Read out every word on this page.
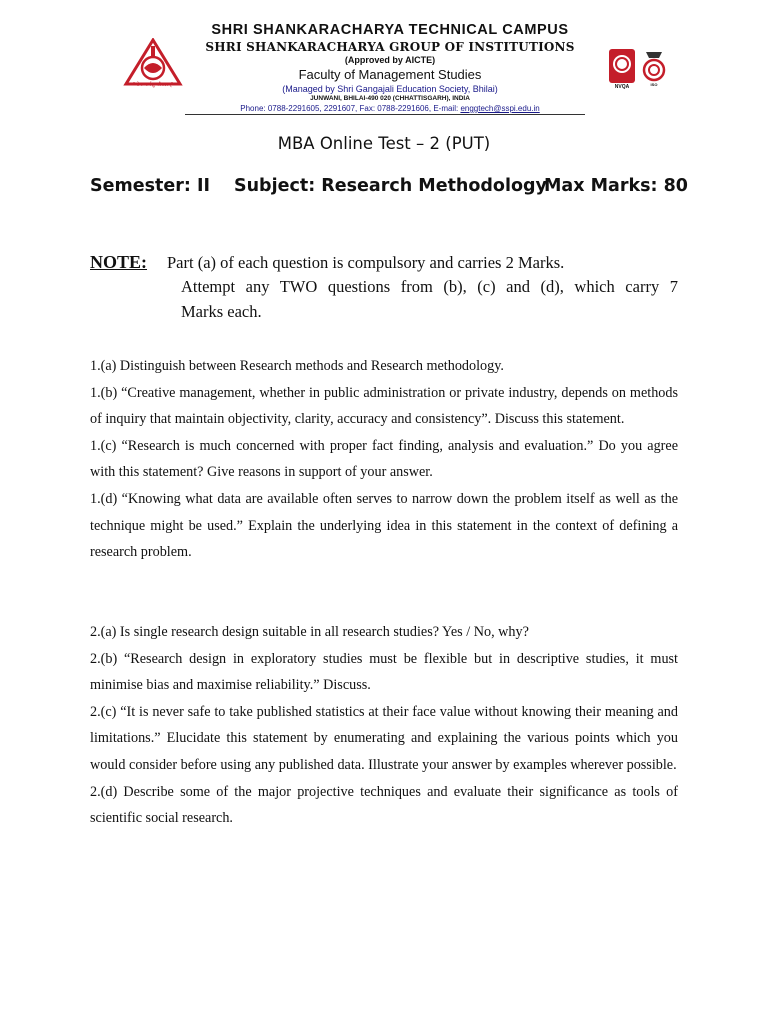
"योगः कर्मसु कौशलम्"
SHRI SHANKARACHARYA TECHNICAL CAMPUS
SHRI SHANKARACHARYA GROUP OF INSTITUTIONS
(Approved by AICTE)
Faculty of Management Studies
(Managed by Shri Gangajali Education Society, Bhilai)
JUNWANI, BHILAI-490 020 (CHHATTISGARH), INDIA
Phone: 0788-2291605, 2291607, Fax: 0788-2291606, E-mail: enggtech@sspi.edu.in
NVQA	ISO
MBA Online Test – 2 (PUT)
Semester: II Subject: Research Methodology
Max Marks: 80
NOTE: Part (a) of each question is compulsory and carries 2 Marks.
Attempt any TWO questions from (b), (c) and (d), which carry 7
Marks each.

1.(a) Distinguish between Research methods and Research methodology.

1.(b) “Creative management, whether in public administration or private industry, depends on methods of inquiry that maintain objectivity, clarity, accuracy and consistency”. Discuss this statement.

1.(c) “Research is much concerned with proper fact finding, analysis and evaluation.” Do you agree with this statement? Give reasons in support of your answer.

1.(d) “Knowing what data are available often serves to narrow down the problem itself as well as the technique might be used.” Explain the underlying idea in this statement in the context of defining a research problem.

2.(a) Is single research design suitable in all research studies? Yes / No, why?

2.(b) “Research design in exploratory studies must be flexible but in descriptive studies, it must minimise bias and maximise reliability.” Discuss.

2.(c) “It is never safe to take published statistics at their face value without knowing their meaning and limitations.” Elucidate this statement by enumerating and explaining the various points which you would consider before using any published data. Illustrate your answer by examples wherever possible.

2.(d) Describe some of the major projective techniques and evaluate their significance as tools of scientific social research.
